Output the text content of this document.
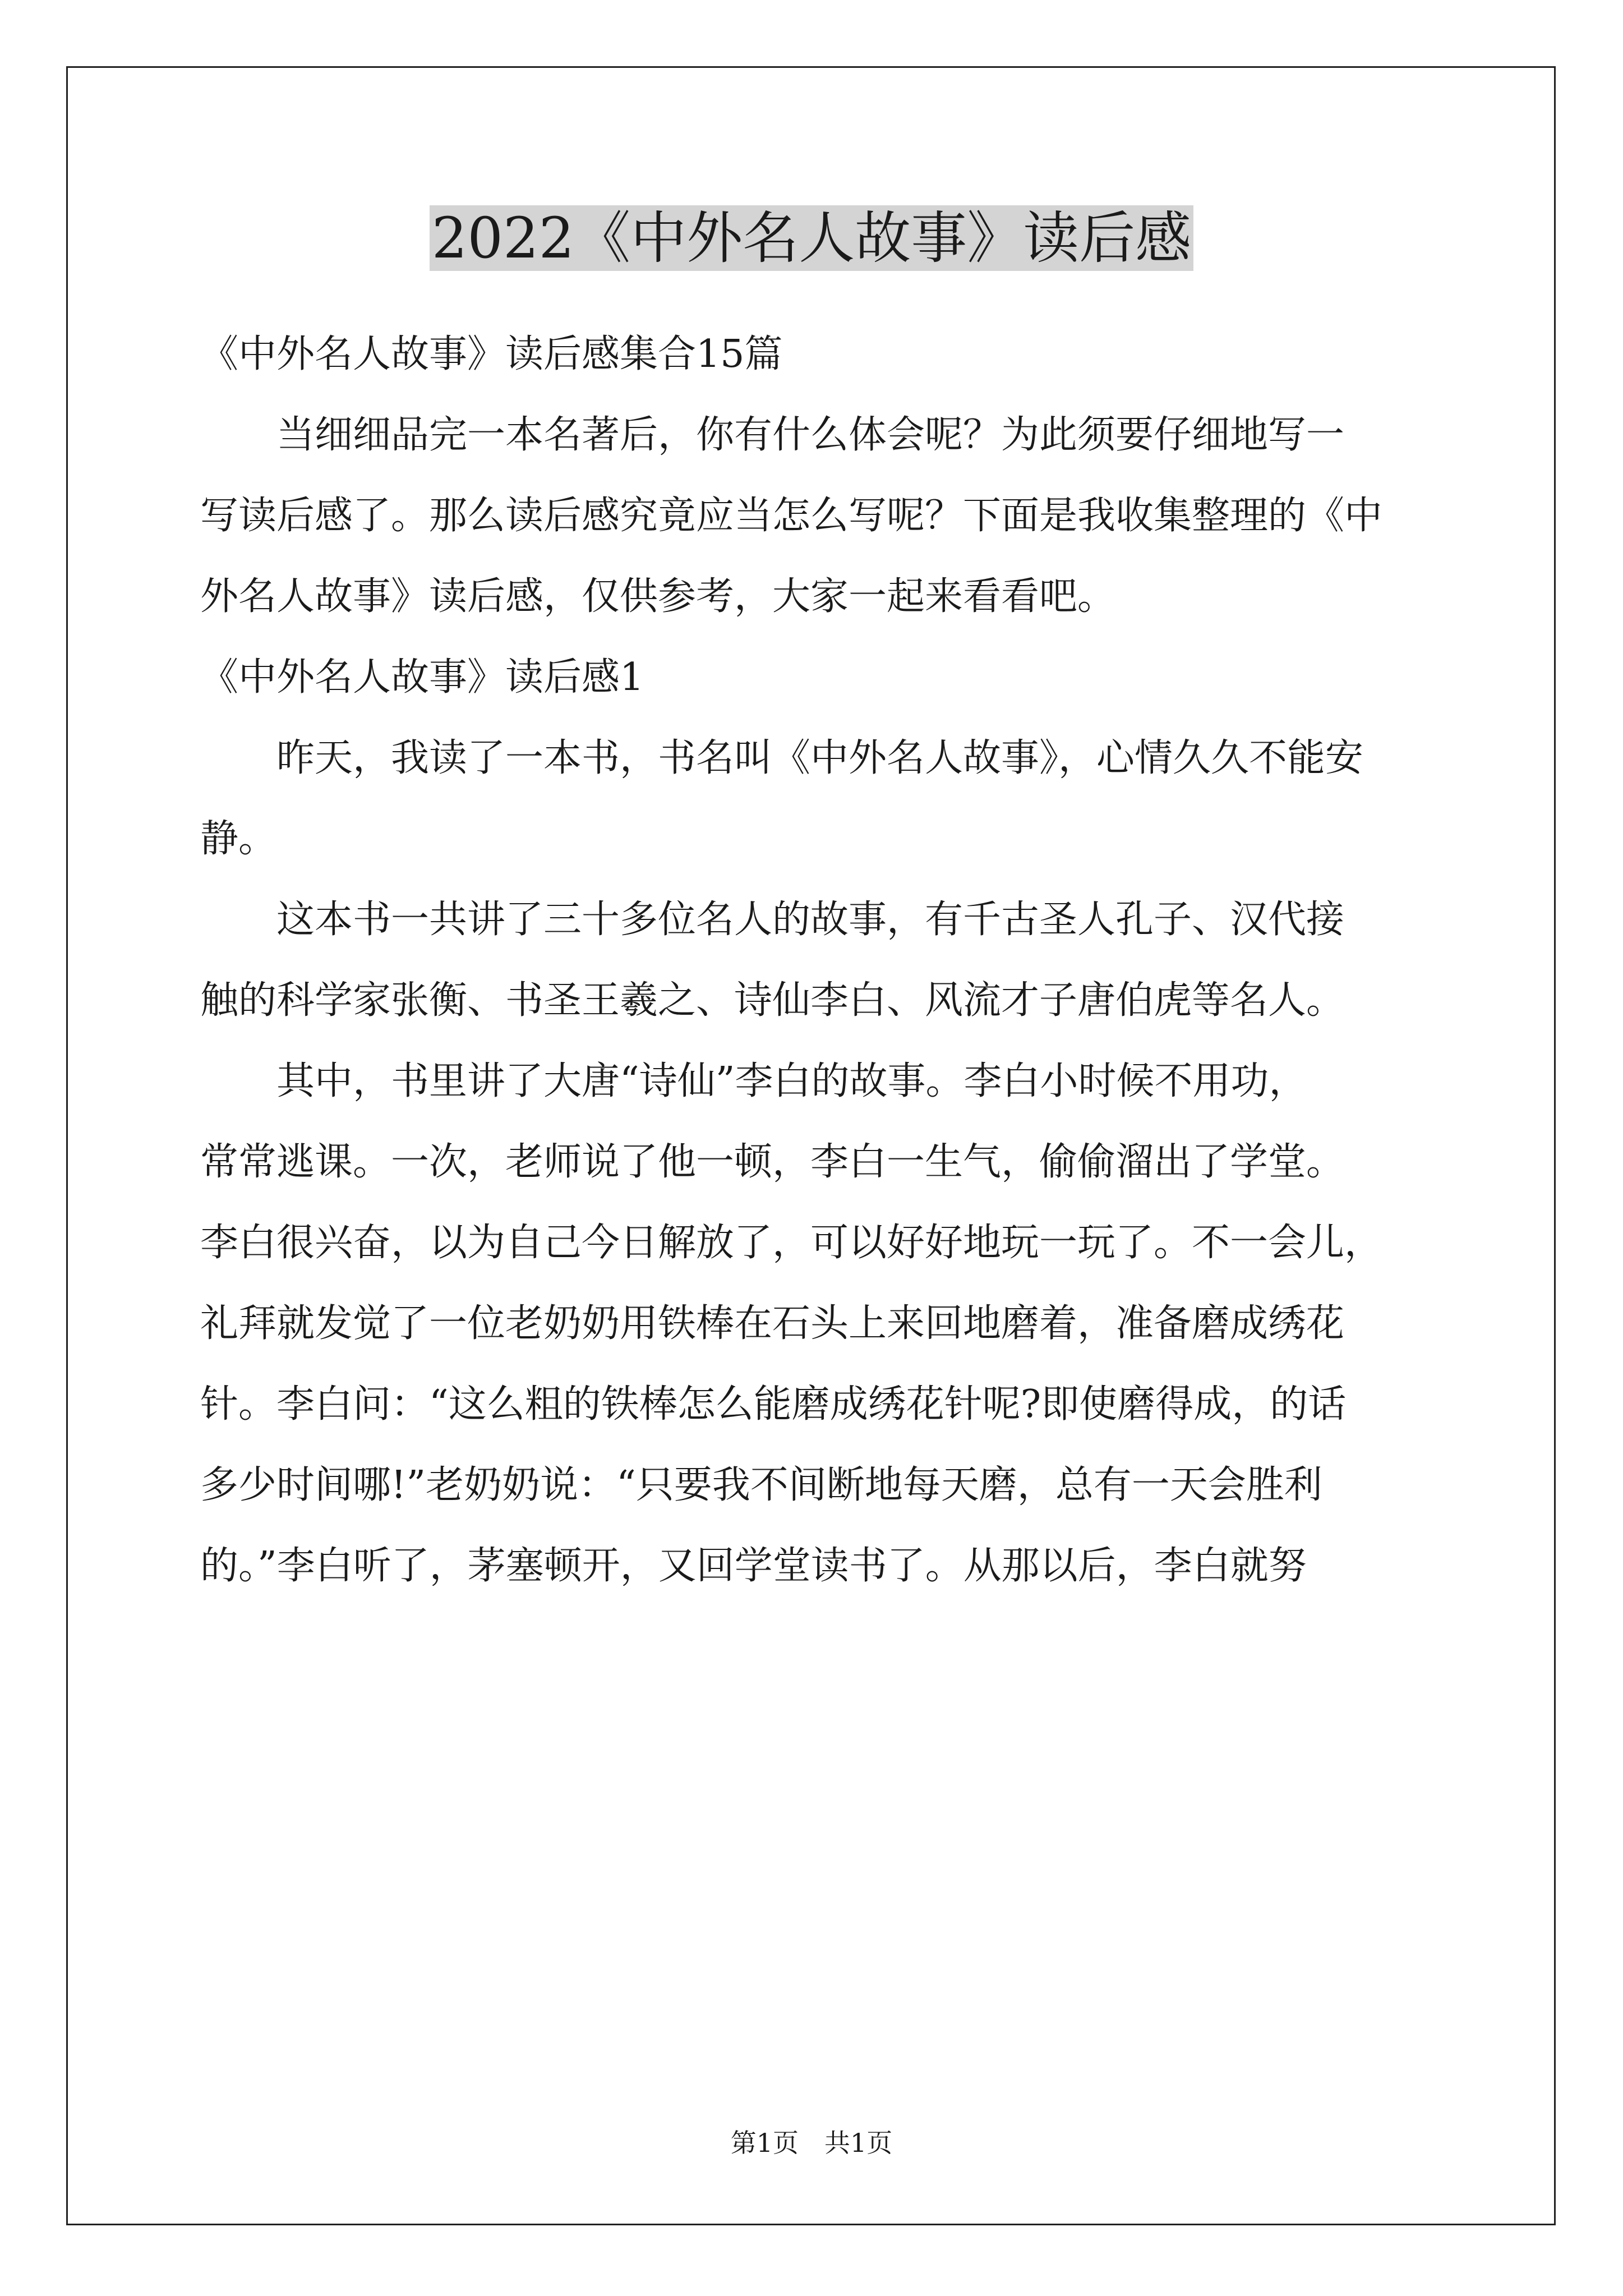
2022《中外名人故事》读后感

《中外名人故事》读后感集合15篇

当细细品完一本名著后，你有什么体会呢？为此须要仔细地写一

写读后感了。那么读后感究竟应当怎么写呢？下面是我收集整理的《中

外名人故事》读后感，仅供参考，大家一起来看看吧。

《中外名人故事》读后感1

昨天，我读了一本书，书名叫《中外名人故事》，心情久久不能安

静。

这本书一共讲了三十多位名人的故事，有千古圣人孔子、汉代接

触的科学家张衡、书圣王羲之、诗仙李白、风流才子唐伯虎等名人。

其中，书里讲了大唐“诗仙”李白的故事。李白小时候不用功，

常常逃课。一次，老师说了他一顿，李白一生气，偷偷溜出了学堂。

李白很兴奋，以为自己今日解放了，可以好好地玩一玩了。不一会儿，

礼拜就发觉了一位老奶奶用铁棒在石头上来回地磨着，准备磨成绣花

针。李白问：“这么粗的铁棒怎么能磨成绣花针呢?即使磨得成，的话

多少时间哪!”老奶奶说：“只要我不间断地每天磨，总有一天会胜利

的。”李白听了，茅塞顿开，又回学堂读书了。从那以后，李白就努

第1页 共1页
